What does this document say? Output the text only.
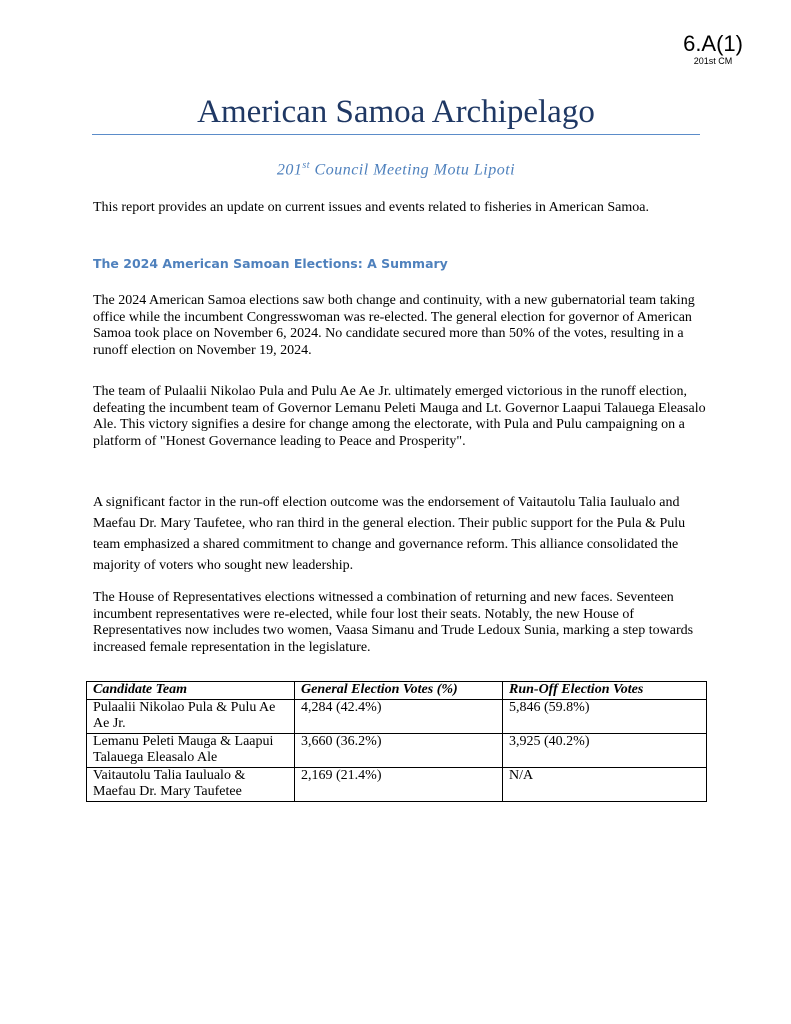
6.A(1)
201st CM
American Samoa Archipelago
201st Council Meeting Motu Lipoti
This report provides an update on current issues and events related to fisheries in American Samoa.
The 2024 American Samoan Elections: A Summary
The 2024 American Samoa elections saw both change and continuity, with a new gubernatorial team taking office while the incumbent Congresswoman was re-elected. The general election for governor of American Samoa took place on November 6, 2024. No candidate secured more than 50% of the votes, resulting in a runoff election on November 19, 2024.
The team of Pulaalii Nikolao Pula and Pulu Ae Ae Jr. ultimately emerged victorious in the runoff election, defeating the incumbent team of Governor Lemanu Peleti Mauga and Lt. Governor Laapui Talauega Eleasalo Ale. This victory signifies a desire for change among the electorate, with Pula and Pulu campaigning on a platform of "Honest Governance leading to Peace and Prosperity".
A significant factor in the run-off election outcome was the endorsement of Vaitautolu Talia Iaulualo and Maefau Dr. Mary Taufetee, who ran third in the general election. Their public support for the Pula & Pulu team emphasized a shared commitment to change and governance reform. This alliance consolidated the majority of voters who sought new leadership.
The House of Representatives elections witnessed a combination of returning and new faces. Seventeen incumbent representatives were re-elected, while four lost their seats. Notably, the new House of Representatives now includes two women, Vaasa Simanu and Trude Ledoux Sunia, marking a step towards increased female representation in the legislature.
Candidate Team	General Election Votes (%)	Run-Off Election Votes
Pulaalii Nikolao Pula & Pulu Ae Ae Jr.	4,284 (42.4%)	5,846 (59.8%)
Lemanu Peleti Mauga & Laapui Talauega Eleasalo Ale	3,660 (36.2%)	3,925 (40.2%)
Vaitautolu Talia Iaulualo & Maefau Dr. Mary Taufetee	2,169 (21.4%)	N/A
